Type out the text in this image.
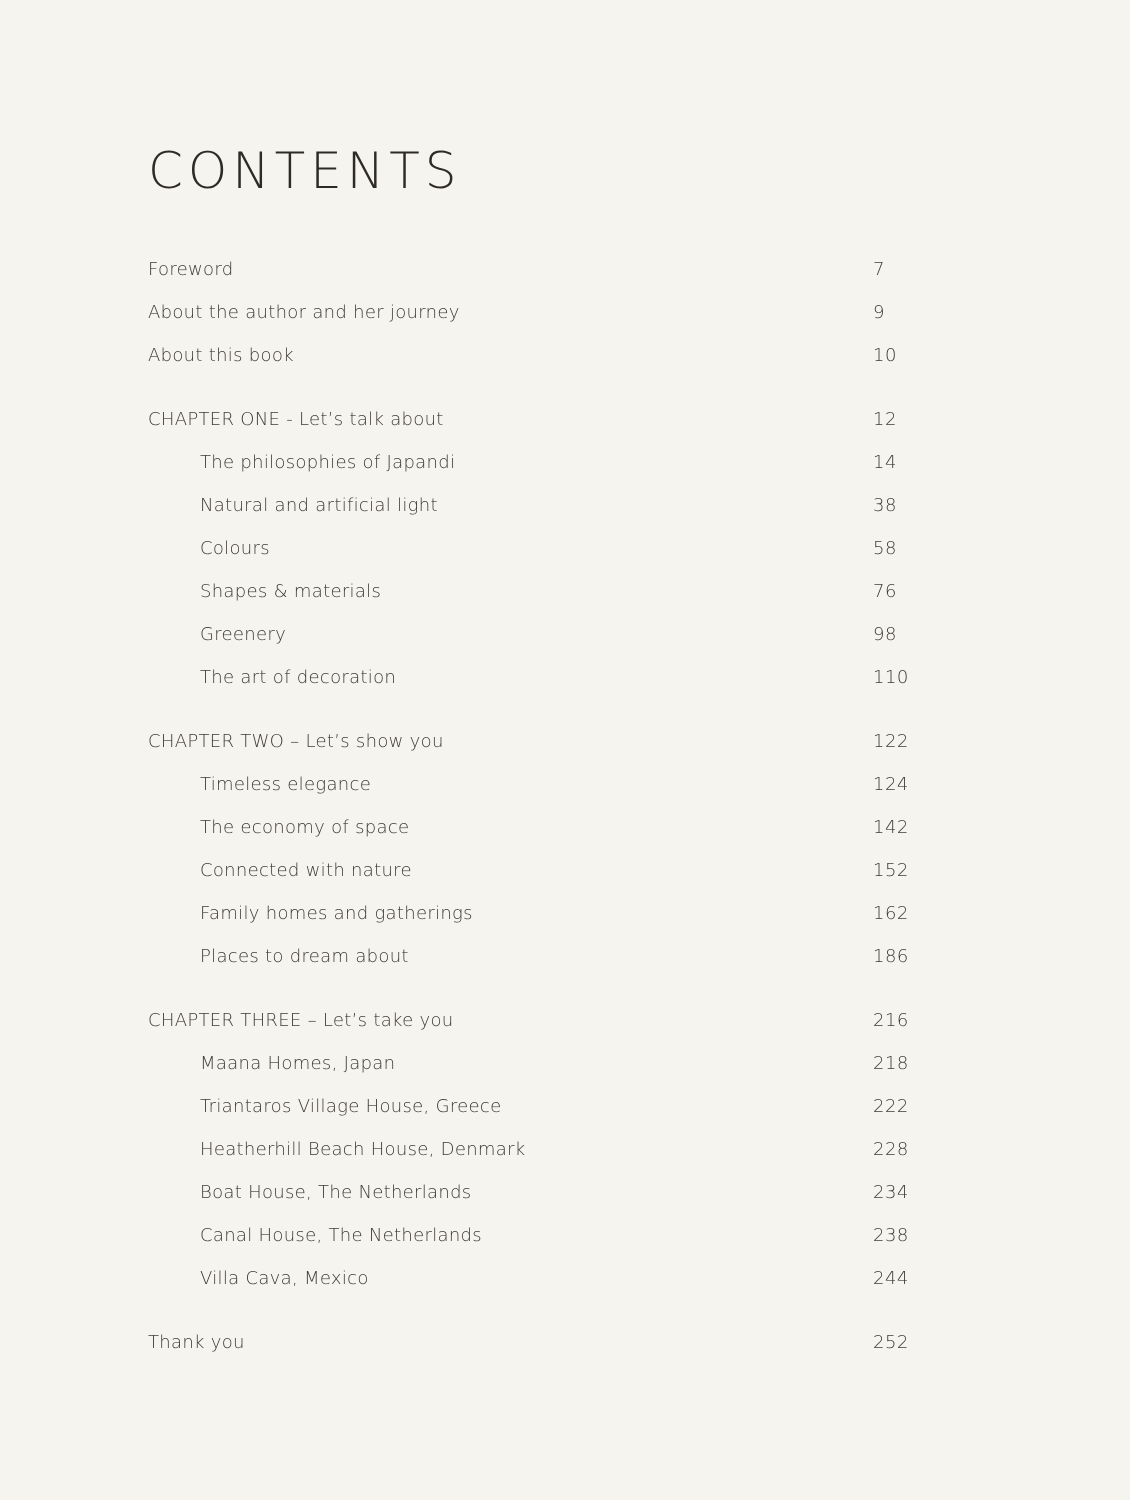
CONTENTS
Foreword	7
About the author and her journey	9
About this book	10
CHAPTER ONE - Let’s talk about	12
The philosophies of Japandi	14
Natural and artificial light	38
Colours	58
Shapes & materials	76
Greenery	98
The art of decoration	110
CHAPTER TWO – Let’s show you	122
Timeless elegance	124
The economy of space	142
Connected with nature	152
Family homes and gatherings	162
Places to dream about	186
CHAPTER THREE – Let’s take you	216
Maana Homes, Japan	218
Triantaros Village House, Greece	222
Heatherhill Beach House, Denmark	228
Boat House, The Netherlands	234
Canal House, The Netherlands	238
Villa Cava, Mexico	244
Thank you	252
